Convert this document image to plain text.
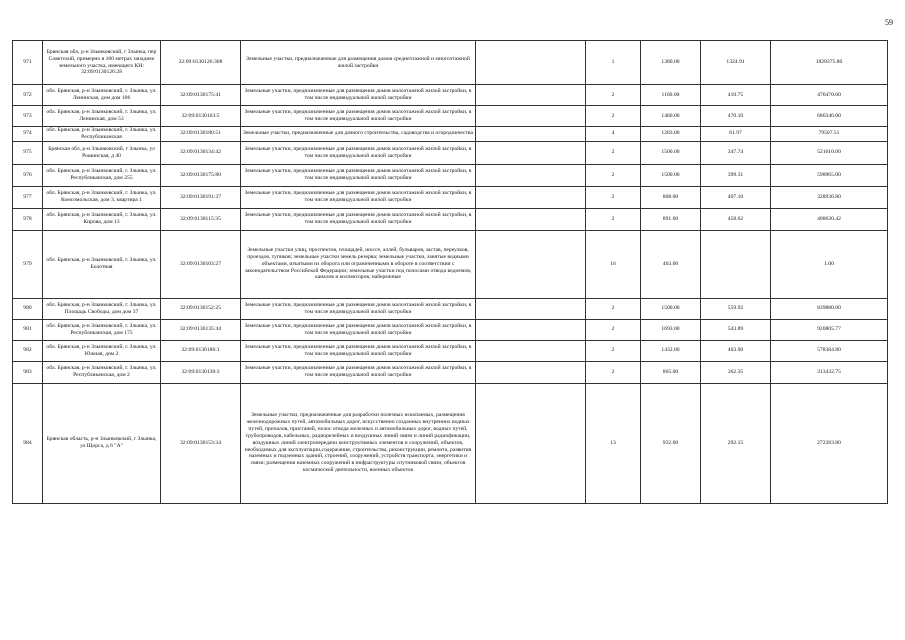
59
971	Брянская обл, р-н Злынковский, г Злынка, пер Советский, примерно в 160 метрах западнее земельного участка, имеющего КН: 32:09:0130126:28	32:09:0130126:308	Земельные участки, предназначенные для размещения домов среднеэтажной и многоэтажной жилой застройки		1	1380.00	1324.91	1828375.80
972	обл. Брянская, р-н Злынковский, г. Злынка, ул. Ленинская, дом дом 106	32:09:0130175:41	Земельные участки, предназначенные для размещения домов малоэтажной жилой застройки, в том числе индивидуальной жилой застройки		2	1160.00	410.75	476470.00
973	обл. Брянская, р-н Злынковский, г. Злынка, ул. Ленинская, дом 53	32:09:0130163:5	Земельные участки, предназначенные для размещения домов малоэтажной жилой застройки, в том числе индивидуальной жилой застройки		2	1460.00	470.10	686346.00
974	обл. Брянская, р-н Злынковский, г. Злынка, ул. Республиканская	32:09:0130180:51	Земельные участки, предназначенные для дачного строительства, садоводства и огородничества		4	1283.00	61.97	79507.51
975	Брянская обл, р-н Злынковский, г Злынка, ул Рошинская, д 40	32:09:0130134:42	Земельные участки, предназначенные для размещения домов малоэтажной жилой застройки, в том числе индивидуальной жилой застройки		2	1500.00	347.74	521610.00
976	обл. Брянская, р-н Злынковский, г. Злынка, ул. Республиканская, дом 255	32:09:0130175:80	Земельные участки, предназначенные для размещения домов малоэтажной жилой застройки, в том числе индивидуальной жилой застройки		2	1500.00	399.31	598965.00
977	обл. Брянская, р-н Злынковский, г. Злынка, ул. Комсомольская, дом 3, квартира 1	32:09:0130191:37	Земельные участки, предназначенные для размещения домов малоэтажной жилой застройки, в том числе индивидуальной жилой застройки		2	808.00	407.10	328936.80
978	обл. Брянская, р-н Злынковский, г. Злынка, ул. Кирова, дом 13	32:09:0130115:35	Земельные участки, предназначенные для размещения домов малоэтажной жилой застройки, в том числе индивидуальной жилой застройки		2	891.00	458.62	408630.42
979	обл. Брянская, р-н Злынковский, г. Злынка, ул. Болотная	32:09:0130103:27	Земельные участки улиц, проспектов, площадей, шоссе, аллей, бульваров, застав, переулков, проездов, тупиков; земельные участки земель резерва; земельные участки, занятые водными объектами, изъятыми из оборота или ограниченными в обороте в соответствии с законодательством Российской Федерации; земельные участки под полосами отвода водоемов, каналов и коллекторов, набережные		16	463.00		1.00
980	обл. Брянская, р-н Злынковский, г. Злынка, ул. Площадь Свободы, дом дом 37	32:09:0130152:25	Земельные участки, предназначенные для размещения домов малоэтажной жилой застройки, в том числе индивидуальной жилой застройки		2	1500.00	559.92	839880.00
981	обл. Брянская, р-н Злынковский, г. Злынка, ул. Республиканская, дом 175	32:09:0130135:44	Земельные участки, предназначенные для размещения домов малоэтажной жилой застройки, в том числе индивидуальной жилой застройки		2	1693.00	543.89	920805.77
982	обл. Брянская, р-н Злынковский, г. Злынка, ул. Южная, дом 2	32:09:0130186:1	Земельные участки, предназначенные для размещения домов малоэтажной жилой застройки, в том числе индивидуальной жилой застройки		2	1432.00	403.90	578384.80
983	обл. Брянская, р-н Злынковский, г. Злынка, ул. Республиканская, дом 2	32:09:0130130:3	Земельные участки, предназначенные для размещения домов малоэтажной жилой застройки, в том числе индивидуальной жилой застройки		2	865.00	362.35	313432.75
984	Брянская область, р-н Злынковский, г Злынка, ул Щорса, д 6 "А"	32:09:0130153:34	Земельные участки, предназначенные для разработки полезных ископаемых, размещения железнодорожных путей, автомобильных дорог, искусственно созданных внутренних водных путей, причалов, пристаней, полос отвода железных и автомобильных дорог, водных путей, трубопроводов, кабельных, радиорелейных и воздушных линий связи и линий радиофикации, воздушных линий электропередачи конструктивных элементов и сооружений, объектов, необходимых для эксплуатации,содержания, строительства, реконструкции, ремонта, развития наземных и подземных зданий, строений, сооружений, устройств транспорта, энергетики и связи; размещения наземных сооружений в инфраструктуры спутниковой связи, объектов космической деятельности, военных объектов		13	932.00	292.15	272283.80
